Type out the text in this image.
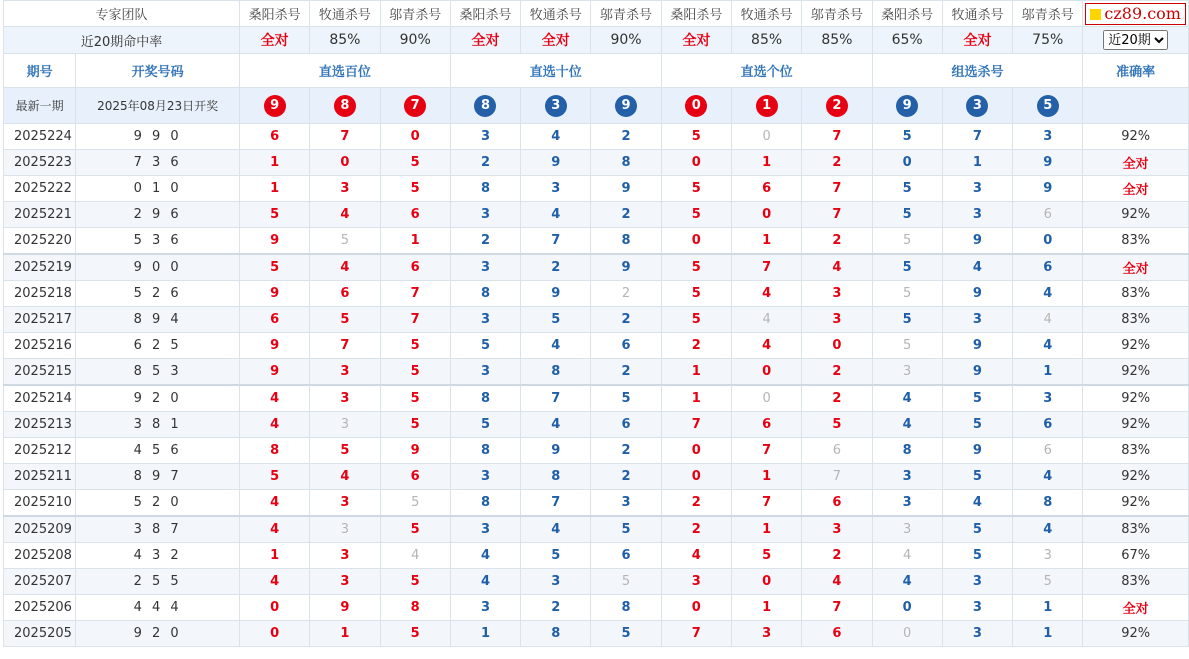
专家团队		桑阳杀号	牧通杀号	邬青杀号	桑阳杀号	牧通杀号	邬青杀号	桑阳杀号	牧通杀号	邬青杀号	桑阳杀号	牧通杀号	邬青杀号	cz89.com
近20期命中率		全对	85%	90%	全对	全对	90%	全对	85%	85%	65%	全对	75%	
近20期
期号	开奖号码	直选百位			直选十位			直选个位			组选杀号			准确率
最新一期	2025年08月23日开奖	9	8	7	8	3	9	0	1	2	9	3	5	
2025224	9 9 0	6	7	0	3	4	2	5	0	7	5	7	3	92%
2025223	7 3 6	1	0	5	2	9	8	0	1	2	0	1	9	全对
2025222	0 1 0	1	3	5	8	3	9	5	6	7	5	3	9	全对
2025221	2 9 6	5	4	6	3	4	2	5	0	7	5	3	6	92%
2025220	5 3 6	9	5	1	2	7	8	0	1	2	5	9	0	83%
2025219	9 0 0	5	4	6	3	2	9	5	7	4	5	4	6	全对
2025218	5 2 6	9	6	7	8	9	2	5	4	3	5	9	4	83%
2025217	8 9 4	6	5	7	3	5	2	5	4	3	5	3	4	83%
2025216	6 2 5	9	7	5	5	4	6	2	4	0	5	9	4	92%
2025215	8 5 3	9	3	5	3	8	2	1	0	2	3	9	1	92%
2025214	9 2 0	4	3	5	8	7	5	1	0	2	4	5	3	92%
2025213	3 8 1	4	3	5	5	4	6	7	6	5	4	5	6	92%
2025212	4 5 6	8	5	9	8	9	2	0	7	6	8	9	6	83%
2025211	8 9 7	5	4	6	3	8	2	0	1	7	3	5	4	92%
2025210	5 2 0	4	3	5	8	7	3	2	7	6	3	4	8	92%
2025209	3 8 7	4	3	5	3	4	5	2	1	3	3	5	4	83%
2025208	4 3 2	1	3	4	4	5	6	4	5	2	4	5	3	67%
2025207	2 5 5	4	3	5	4	3	5	3	0	4	4	3	5	83%
2025206	4 4 4	0	9	8	3	2	8	0	1	7	0	3	1	全对
2025205	9 2 0	0	1	5	1	8	5	7	3	6	0	3	1	92%
